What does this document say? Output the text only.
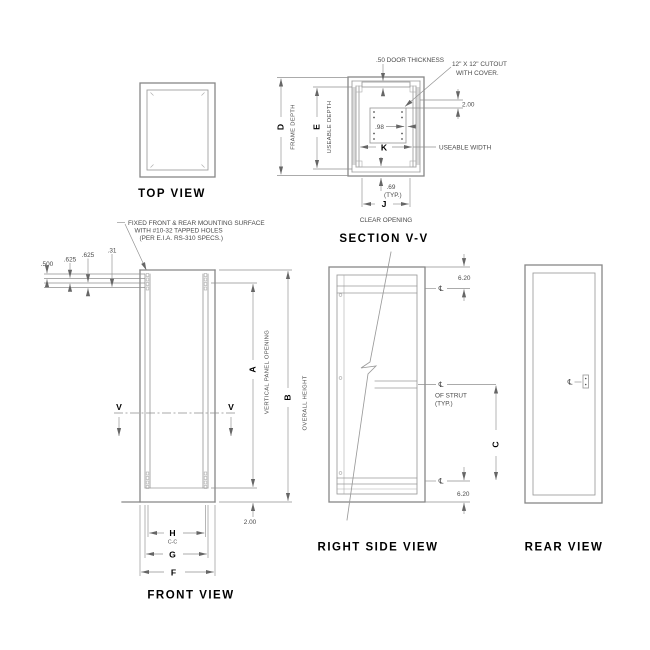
TOP VIEW
D FRAME DEPTH E USEABLE DEPTH
.50 DOOR THICKNESS
12" X 12" CUTOUT
WITH COVER.
2.00
.98
K	USEABLE WIDTH
.69
(TYP.)
J
CLEAR OPENING
SECTION V-V
.500
.625
.625
.31
FIXED FRONT & REAR MOUNTING SURFACE
WITH #10-32 TAPPED HOLES
(PER E.I.A. RS-310 SPECS.)
V	V
A VERTICAL PANEL OPENING B OVERALL HEIGHT
2.00
H
C-C
G
F
FRONT VIEW
℄
6.20
℄
OF STRUT
(TYP.)
℄
6.20
C
RIGHT SIDE VIEW
℄
REAR VIEW
